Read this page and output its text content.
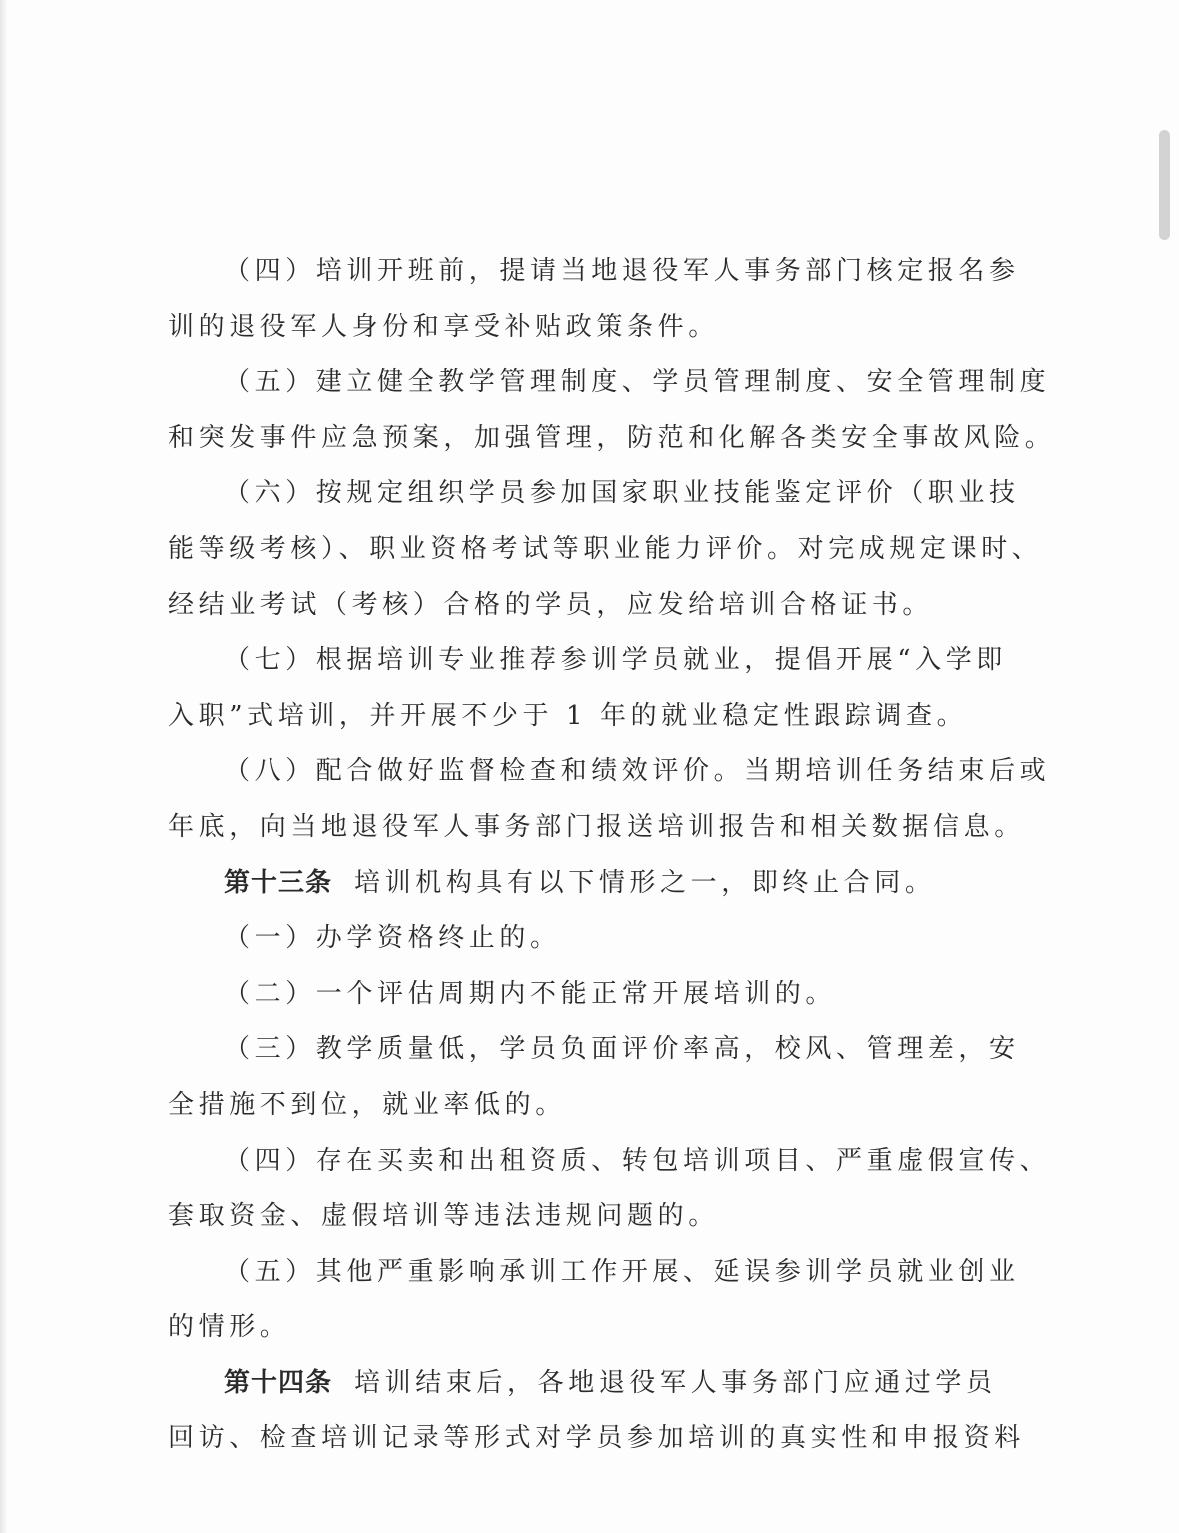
（四）培训开班前，提请当地退役军人事务部门核定报名参
训的退役军人身份和享受补贴政策条件。
（五）建立健全教学管理制度、学员管理制度、安全管理制度
和突发事件应急预案，加强管理，防范和化解各类安全事故风险。
（六）按规定组织学员参加国家职业技能鉴定评价（职业技
能等级考核）、职业资格考试等职业能力评价。对完成规定课时、
经结业考试（考核）合格的学员，应发给培训合格证书。
（七）根据培训专业推荐参训学员就业，提倡开展“入学即
入职”式培训，并开展不少于 1 年的就业稳定性跟踪调查。
（八）配合做好监督检查和绩效评价。当期培训任务结束后或
年底，向当地退役军人事务部门报送培训报告和相关数据信息。
第十三条 培训机构具有以下情形之一，即终止合同。
（一）办学资格终止的。
（二）一个评估周期内不能正常开展培训的。
（三）教学质量低，学员负面评价率高，校风、管理差，安
全措施不到位，就业率低的。
（四）存在买卖和出租资质、转包培训项目、严重虚假宣传、
套取资金、虚假培训等违法违规问题的。
（五）其他严重影响承训工作开展、延误参训学员就业创业
的情形。
第十四条 培训结束后，各地退役军人事务部门应通过学员
回访、检查培训记录等形式对学员参加培训的真实性和申报资料
